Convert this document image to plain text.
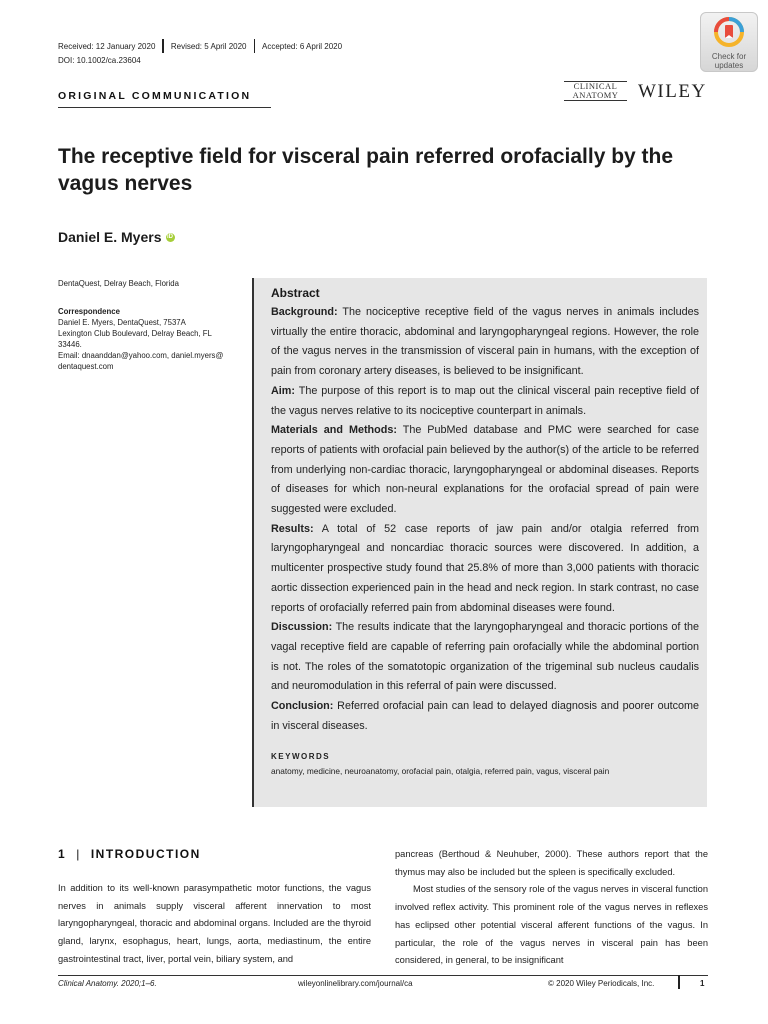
Received: 12 January 2020 Revised: 5 April 2020 Accepted: 6 April 2020
DOI: 10.1002/ca.23604	Check for
updates
ORIGINAL COMMUNICATION
CLINICAL
ANATOMY	WILEY
The receptive field for visceral pain referred orofacially by the vagus nerves
Daniel E. Myers iD
DentaQuest, Delray Beach, Florida
Correspondence
Daniel E. Myers, DentaQuest, 7537A
Lexington Club Boulevard, Delray Beach, FL
33446.
Email: dnaanddan@yahoo.com, daniel.myers@
dentaquest.com
Abstract
Background: The nociceptive receptive field of the vagus nerves in animals includes virtually the entire thoracic, abdominal and laryngopharyngeal regions. However, the role of the vagus nerves in the transmission of visceral pain in humans, with the exception of pain from coronary artery diseases, is believed to be insignificant.
Aim: The purpose of this report is to map out the clinical visceral pain receptive field of the vagus nerves relative to its nociceptive counterpart in animals.
Materials and Methods: The PubMed database and PMC were searched for case reports of patients with orofacial pain believed by the author(s) of the article to be referred from underlying non-cardiac thoracic, laryngopharyngeal or abdominal diseases. Reports of diseases for which non-neural explanations for the orofacial spread of pain were suggested were excluded.
Results: A total of 52 case reports of jaw pain and/or otalgia referred from laryngopharyngeal and noncardiac thoracic sources were discovered. In addition, a multicenter prospective study found that 25.8% of more than 3,000 patients with thoracic aortic dissection experienced pain in the head and neck region. In stark contrast, no case reports of orofacially referred pain from abdominal diseases were found.
Discussion: The results indicate that the laryngopharyngeal and thoracic portions of the vagal receptive field are capable of referring pain orofacially while the abdominal portion is not. The roles of the somatotopic organization of the trigeminal sub nucleus caudalis and neuromodulation in this referral of pain were discussed.
Conclusion: Referred orofacial pain can lead to delayed diagnosis and poorer outcome in visceral diseases.
KEYWORDS
anatomy, medicine, neuroanatomy, orofacial pain, otalgia, referred pain, vagus, visceral pain
1 | INTRODUCTION

In addition to its well-known parasympathetic motor functions, the vagus nerves in animals supply visceral afferent innervation to most laryngopharyngeal, thoracic and abdominal organs. Included are the thyroid gland, larynx, esophagus, heart, lungs, aorta, mediastinum, the entire gastrointestinal tract, liver, portal vein, biliary system, and

pancreas (Berthoud & Neuhuber, 2000). These authors report that the thymus may also be included but the spleen is specifically excluded.

Most studies of the sensory role of the vagus nerves in visceral function involved reflex activity. This prominent role of the vagus nerves in reflexes has eclipsed other potential visceral afferent functions of the vagus. In particular, the role of the vagus nerves in visceral pain has been considered, in general, to be insignificant

Clinical Anatomy. 2020;1–6.	wileyonlinelibrary.com/journal/ca	© 2020 Wiley Periodicals, Inc.	1
